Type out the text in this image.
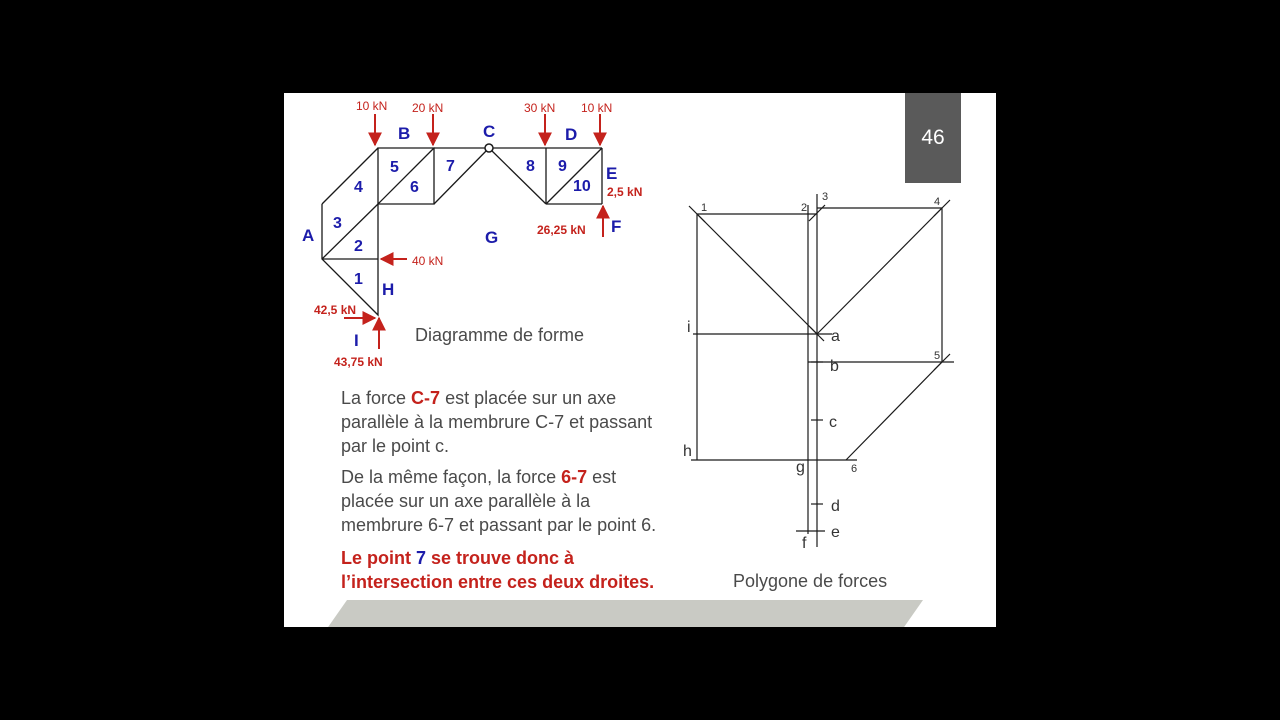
46
10 kN 20 kN	30 kN 10 kN
2,5 kN
26,25 kN
40 kN
42,5 kN
43,75 kN
A
B	C	D
E
F
G
H
I
1
2
3
4
5
6
7	8 9
10
1	2
3	4
5
6
a
b
c
d
e
f
g
h
i
Diagramme de forme
Polygone de forces
La force C-7 est placée sur un axe
parallèle à la membrure C-7 et passant
par le point c.
De la même façon, la force 6-7 est
placée sur un axe parallèle à la
membrure 6-7 et passant par le point 6.
Le point 7 se trouve donc à
l’intersection entre ces deux droites.
